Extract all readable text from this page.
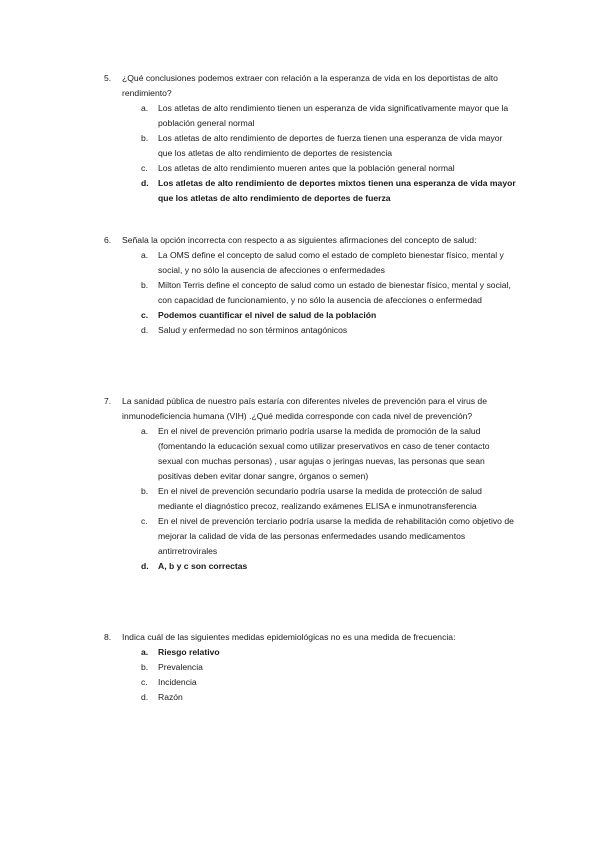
5. ¿Qué conclusiones podemos extraer con relación a la esperanza de vida en los deportistas de alto rendimiento?
a. Los atletas de alto rendimiento tienen un esperanza de vida significativamente mayor que la población general normal
b. Los atletas de alto rendimiento de deportes de fuerza tienen una esperanza de vida mayor que los atletas de alto rendimiento de deportes de resistencia
c. Los atletas de alto rendimiento mueren antes que la población general normal
d. Los atletas de alto rendimiento de deportes mixtos tienen una esperanza de vida mayor que los atletas de alto rendimiento de deportes de fuerza
6. Señala la opción incorrecta con respecto a as siguientes afirmaciones del concepto de salud:
a. La OMS define el concepto de salud como el estado de completo bienestar físico, mental y social, y no sólo la ausencia de afecciones o enfermedades
b. Milton Terris define el concepto de salud como un estado de bienestar físico, mental y social, con capacidad de funcionamiento, y no sólo la ausencia de afecciones o enfermedad
c. Podemos cuantificar el nivel de salud de la población
d. Salud y enfermedad no son términos antagónicos
7. La sanidad pública de nuestro país estaría con diferentes niveles de prevención para el virus de inmunodeficiencia humana (VIH) .¿Qué medida corresponde con cada nivel de prevención?
a. En el nivel de prevención primario podría usarse la medida de promoción de la salud (fomentando la educación sexual como utilizar preservativos en caso de tener contacto sexual con muchas personas) , usar agujas o jeringas nuevas, las personas que sean positivas deben evitar donar sangre, órganos o semen)
b. En el nivel de prevención secundario podría usarse la medida de protección de salud mediante el diagnóstico precoz, realizando exámenes ELISA e inmunotransferencia
c. En el nivel de prevención terciario podría usarse la medida de rehabilitación como objetivo de mejorar la calidad de vida de las personas enfermedades usando medicamentos antirretrovirales
d. A, b y c son correctas
8. Indica cuál de las siguientes medidas epidemiológicas no es una medida de frecuencia:
a. Riesgo relativo
b. Prevalencia
c. Incidencia
d. Razón
